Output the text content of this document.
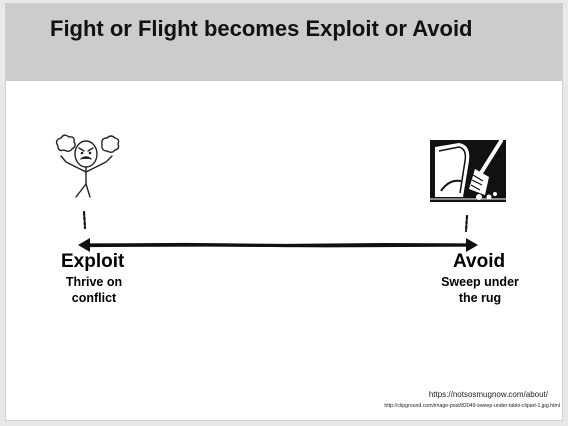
Fight or Flight becomes Exploit or Avoid
Exploit
Thrive on
conflict
Avoid
Sweep under
the rug
https://notsosmugnow.com/about/
http://clipground.com/image-post/82049-sweep-under-table-clipart-1.jpg.html
